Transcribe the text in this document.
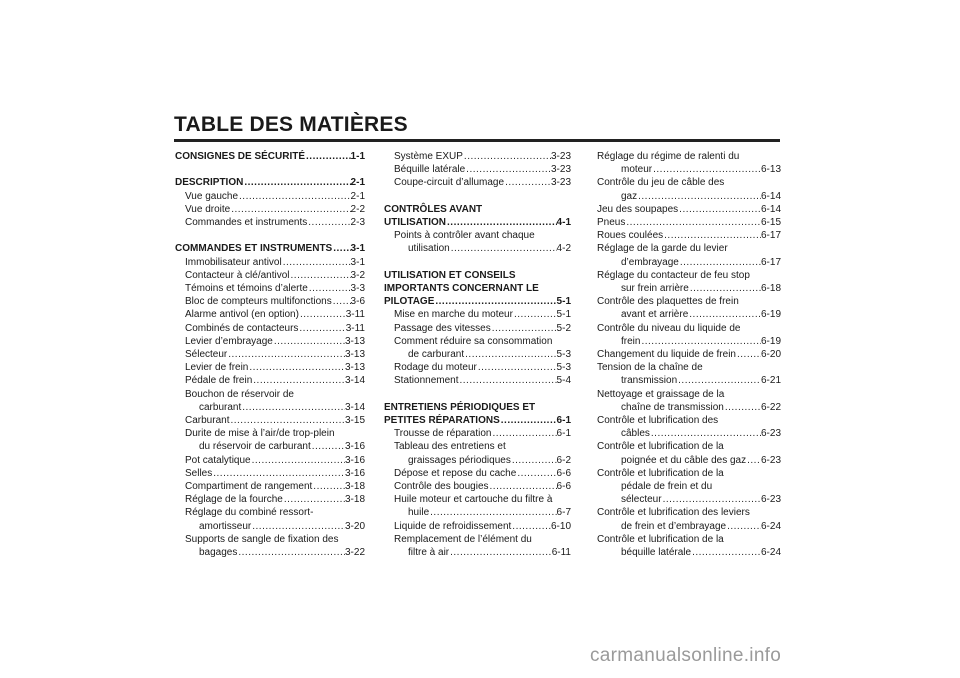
TABLE DES MATIÈRES
CONSIGNES DE SÉCURITÉ .....	1-1
DESCRIPTION .....	2-1
Vue gauche .....	2-1
Vue droite .....	2-2
Commandes et instruments .....	2-3
COMMANDES ET INSTRUMENTS ..... 3-1
Immobilisateur antivol .....	3-1
Contacteur à clé/antivol .....	3-2
Témoins et témoins d’alerte .....	3-3
Bloc de compteurs multifonctions ..... 3-6
Alarme antivol (en option) .....	3-11
Combinés de contacteurs .....	3-11
Levier d’embrayage .....	3-13
Sélecteur .....	3-13
Levier de frein .....	3-13
Pédale de frein .....	3-14
Bouchon de réservoir de
carburant .....	3-14
Carburant .....	3-15
Durite de mise à l’air/de trop-plein
du réservoir de carburant .....	3-16
Pot catalytique .....	3-16
Selles .....	3-16
Compartiment de rangement .....	3-18
Réglage de la fourche .....	3-18
Réglage du combiné ressort-
amortisseur .....	3-20
Supports de sangle de fixation des
bagages .....	3-22
Système EXUP .....	3-23
Béquille latérale .....	3-23
Coupe-circuit d’allumage .....	3-23
CONTRÔLES AVANT
UTILISATION .....	4-1
Points à contrôler avant chaque
utilisation .....	4-2
UTILISATION ET CONSEILS
IMPORTANTS CONCERNANT LE
PILOTAGE .....	5-1
Mise en marche du moteur .....	5-1
Passage des vitesses .....	5-2
Comment réduire sa consommation
de carburant .....	5-3
Rodage du moteur .....	5-3
Stationnement .....	5-4
ENTRETIENS PÉRIODIQUES ET
PETITES RÉPARATIONS .....	6-1
Trousse de réparation .....	6-1
Tableau des entretiens et
graissages périodiques .....	6-2
Dépose et repose du cache .....	6-6
Contrôle des bougies .....	6-6
Huile moteur et cartouche du filtre à
huile .....	6-7
Liquide de refroidissement .....	6-10
Remplacement de l’élément du
filtre à air .....	6-11
Réglage du régime de ralenti du
moteur .....	6-13
Contrôle du jeu de câble des
gaz .....	6-14
Jeu des soupapes .....	6-14
Pneus .....	6-15
Roues coulées .....	6-17
Réglage de la garde du levier
d’embrayage .....	6-17
Réglage du contacteur de feu stop
sur frein arrière .....	6-18
Contrôle des plaquettes de frein
avant et arrière .....	6-19
Contrôle du niveau du liquide de
frein .....	6-19
Changement du liquide de frein .....	6-20
Tension de la chaîne de
transmission .....	6-21
Nettoyage et graissage de la
chaîne de transmission .....	6-22
Contrôle et lubrification des
câbles .....	6-23
Contrôle et lubrification de la
poignée et du câble des gaz ..... 6-23
Contrôle et lubrification de la
pédale de frein et du
sélecteur .....	6-23
Contrôle et lubrification des leviers
de frein et d’embrayage .....	6-24
Contrôle et lubrification de la
béquille latérale .....	6-24

carmanualsonline.info
